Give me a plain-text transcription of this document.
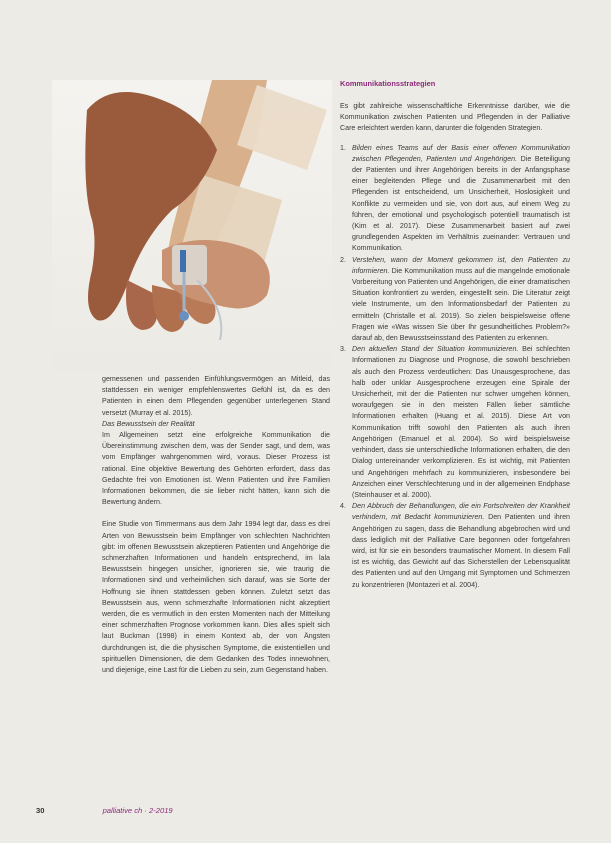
gemessenen und passenden Einfühlungsvermögen an Mitleid, das stattdessen ein weniger empfehlenswertes Gefühl ist, da es den Patienten in einen dem Pflegenden gegenüber unterlegenen Stand versetzt (Murray et al. 2015).

Das Bewusstsein der Realität

Im Allgemeinen setzt eine erfolgreiche Kommunikation die Übereinstimmung zwischen dem, was der Sender sagt, und dem, was vom Empfänger wahrgenommen wird, voraus. Dieser Prozess ist rational. Eine objektive Bewertung des Gehörten erfordert, dass das Gedachte frei von Emotionen ist. Wenn Patienten und ihre Familien Informationen bekommen, die sie lieber nicht hätten, kann sich die Bewertung ändern.

Eine Studie von Timmermans aus dem Jahr 1994 legt dar, dass es drei Arten von Bewusstsein beim Empfänger von schlechten Nachrichten gibt: im offenen Bewusstsein akzeptieren Patienten und Angehörige die schmerzhaften Informationen und handeln entsprechend, im lala Bewusstsein hingegen unsicher, ignorieren sie, wie traurig die Informationen sind und verheimlichen sich darauf, was sie Sorte der Hoffnung sie ihnen stattdessen geben können. Zuletzt setzt das Bewusstsein aus, wenn schmerzhafte Informationen nicht akzeptiert werden, die es vermutlich in den ersten Momenten nach der Mitteilung einer schmerzhaften Prognose vorkommen kann. Dies alles spielt sich laut Buckman (1998) in einem Kontext ab, der von Ängsten durchdrungen ist, die die physischen Symptome, die existentiellen und spirituellen Dimensionen, die dem Gedanken des Todes innewohnen, und diejenige, eine Last für die Lieben zu sein, zum Gegenstand haben.

Kommunikationsstrategien

Es gibt zahlreiche wissenschaftliche Erkenntnisse darüber, wie die Kommunikation zwischen Patienten und Pflegenden in der Palliative Care erleichtert werden kann, darunter die folgenden Strategien.

1. Bilden eines Teams auf der Basis einer offenen Kommunikation zwischen Pflegenden, Patienten und Angehörigen. Die Beteiligung der Patienten und ihrer Angehörigen bereits in der Anfangsphase einer begleitenden Pflege und die Zusammenarbeit mit den Pflegenden ist entscheidend, um Unsicherheit, Hoslosigkeit und Konflikte zu vermeiden und sie, von dort aus, auf einem Weg zu führen, der emotional und psychologisch potentiell traumatisch ist (Kim et al. 2017). Diese Zusammenarbeit basiert auf zwei grundlegenden Aspekten im Verhältnis zueinander: Vertrauen und Kommunikation.
2. Verstehen, wann der Moment gekommen ist, den Patienten zu informieren. Die Kommunikation muss auf die mangelnde emotionale Vorbereitung von Patienten und Angehörigen, die einer dramatischen Situation konfrontiert zu werden, eingestellt sein. Die Literatur zeigt viele Instrumente, um den Informationsbedarf der Patienten zu ermitteln (Christalle et al. 2019). So zielen beispielsweise offene Fragen wie «Was wissen Sie über Ihr gesundheitliches Problem?» darauf ab, den Bewusstseinsstand des Patienten zu erkennen.
3. Den aktuellen Stand der Situation kommunizieren. Bei schlechten Informationen zu Diagnose und Prognose, die sowohl beschrieben als auch den Prozess verdeutlichen: Das Unausgesprochene, das halb oder unklar Ausgesprochene erzeugen eine Spirale der Unsicherheit, mit der die Patienten nur schwer umgehen können, woraufgegen sie in den meisten Fällen lieber sämtliche Informationen erhalten (Huang et al. 2015). Diese Art von Kommunikation trifft sowohl den Patienten als auch ihren Angehörigen (Emanuel et al. 2004). So wird beispielsweise verhindert, dass sie unterschiedliche Informationen erhalten, die den Dialog untereinander verkomplizieren. Es ist wichtig, mit Patienten und Angehörigen mehrfach zu kommunizieren, insbesondere bei Anzeichen einer Verschlechterung und in der allgemeinen Endphase (Steinhauser et al. 2000).
4. Den Abbruch der Behandlungen, die ein Fortschreiten der Krankheit verhindern, mit Bedacht kommunizieren. Den Patienten und ihren Angehörigen zu sagen, dass die Behandlung abgebrochen wird und dass lediglich mit der Palliative Care begonnen oder fortgefahren wird, ist für sie ein besonders traumatischer Moment. In diesem Fall ist es wichtig, das Gewicht auf das Sicherstellen der Lebensqualität des Patienten und auf den Umgang mit Symptomen und Schmerzen zu konzentrieren (Montazeri et al. 2004).
30	palliative ch · 2-2019
